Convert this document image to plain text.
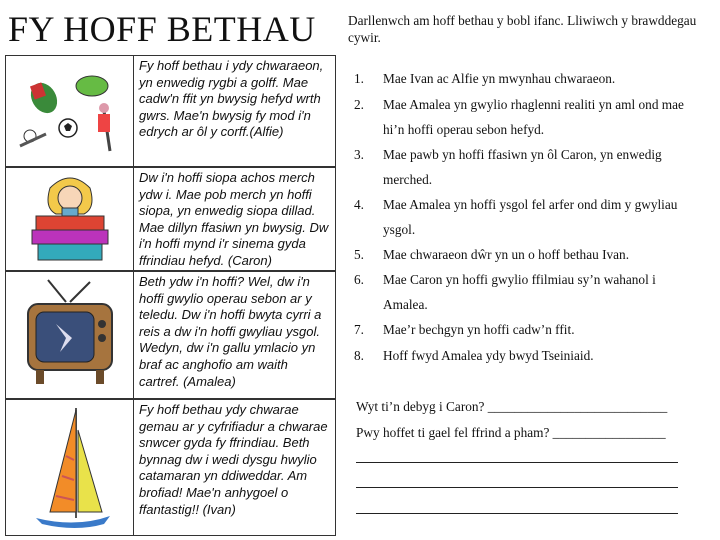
FY HOFF BETHAU
Fy hoff bethau i ydy chwaraeon, yn enwedig rygbi a golff. Mae cadw'n ffit yn bwysig hefyd wrth gwrs. Mae'n bwysig fy mod i'n edrych ar ôl y corff.(Alfie)
Dw i'n hoffi siopa achos merch ydw i. Mae pob merch yn hoffi siopa, yn enwedig siopa dillad. Mae dillyn ffasiwn yn bwysig. Dw i'n hoffi mynd i'r sinema gyda ffrindiau hefyd. (Caron)
Beth ydw i'n hoffi? Wel, dw i'n hoffi gwylio operau sebon ar y teledu. Dw i'n hoffi bwyta cyrri a reis a dw i'n hoffi gwyliau ysgol. Wedyn, dw i'n gallu ymlacio yn braf ac anghofio am waith cartref. (Amalea)
Fy hoff bethau ydy chwarae gemau ar y cyfrifiadur a chwarae snwcer gyda fy ffrindiau. Beth bynnag dw i wedi dysgu hwylio catamaran yn ddiweddar. Am brofiad! Mae'n anhygoel o ffantastig!! (Ivan)

Darllenwch am hoff bethau y bobl ifanc. Lliwiwch y brawddegau cywir.

1. Mae Ivan ac Alfie yn mwynhau chwaraeon.
2. Mae Amalea yn gwylio rhaglenni realiti yn aml ond mae hi’n hoffi operau sebon hefyd.
3. Mae pawb yn hoffi ffasiwn yn ôl Caron, yn enwedig merched.
4. Mae Amalea yn hoffi ysgol fel arfer ond dim y gwyliau ysgol.
5. Mae chwaraeon dŵr yn un o hoff bethau Ivan.
6. Mae Caron yn hoffi gwylio ffilmiau sy’n wahanol i Amalea.
7. Mae’r bechgyn yn hoffi cadw’n ffit.
8. Hoff fwyd Amalea ydy bwyd Tseiniaid.
Wyt ti’n debyg i Caron? ___________________________
Pwy hoffet ti gael fel ffrind a pham? _________________
